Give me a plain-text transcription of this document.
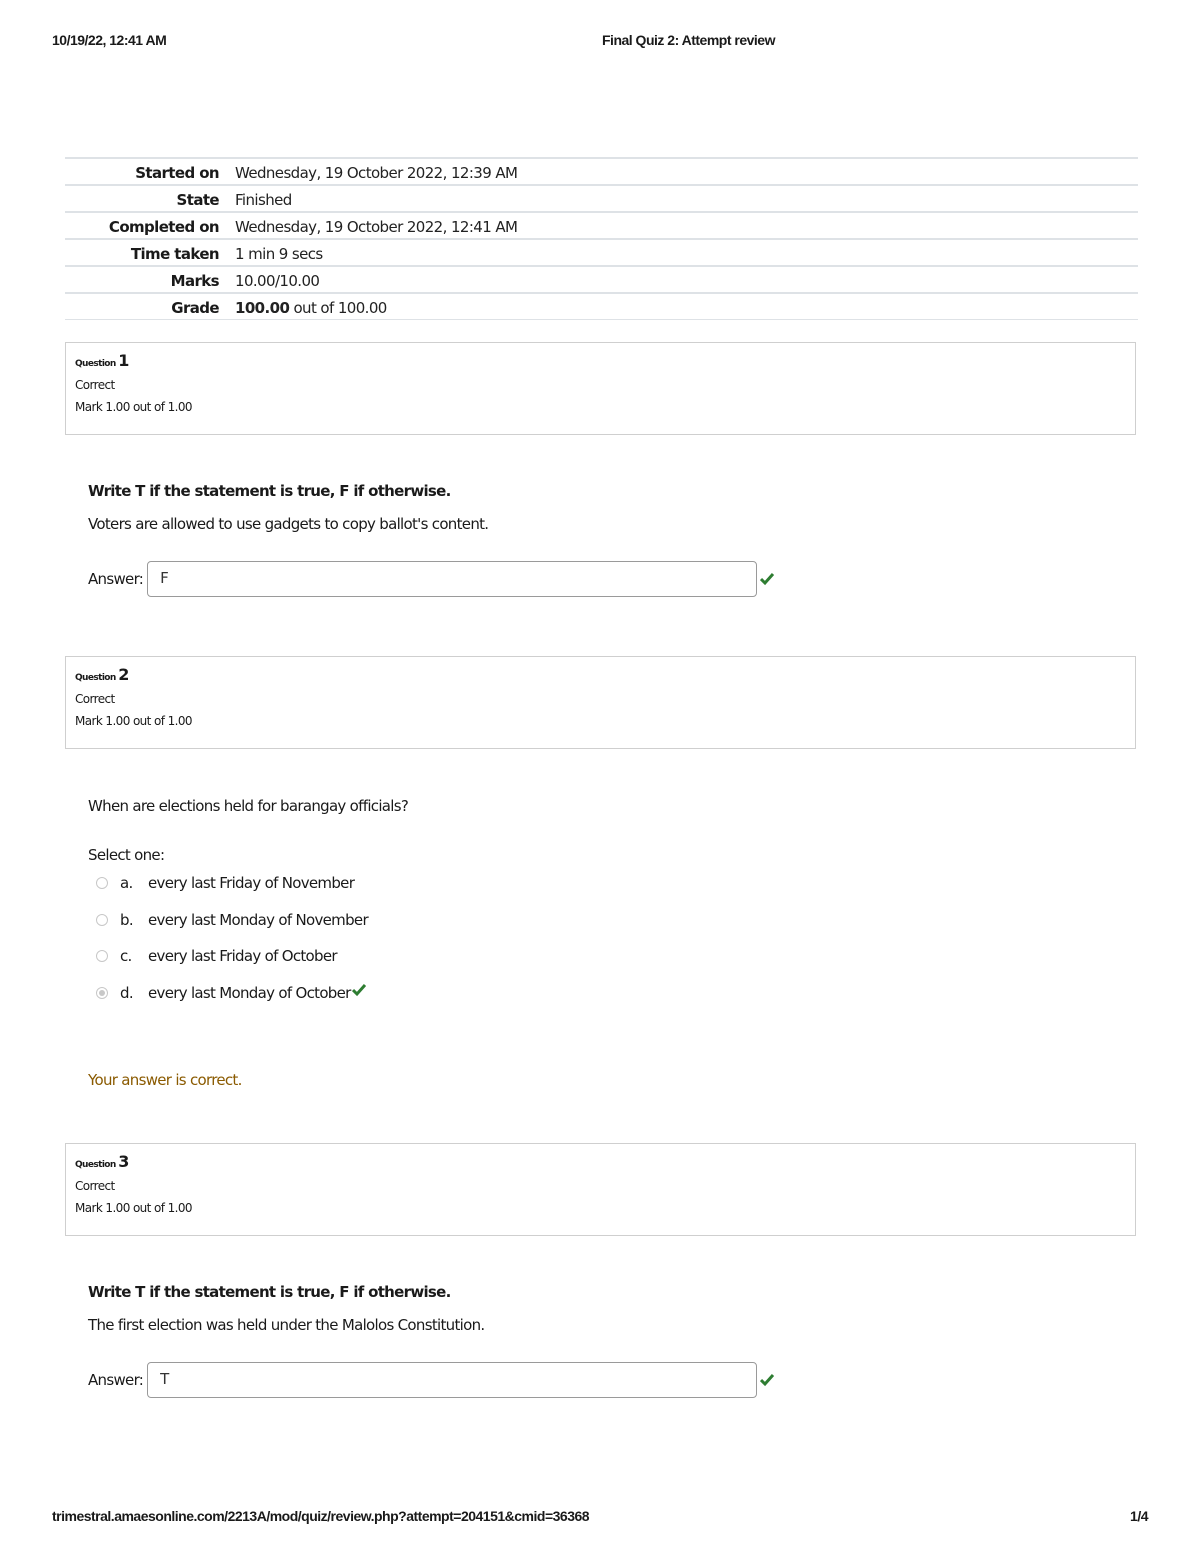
10/19/22, 12:41 AM	Final Quiz 2: Attempt review
Started on	Wednesday, 19 October 2022, 12:39 AM
State	Finished
Completed on	Wednesday, 19 October 2022, 12:41 AM
Time taken	1 min 9 secs
Marks	10.00/10.00
Grade	100.00 out of 100.00
Question 1
Correct
Mark 1.00 out of 1.00
Write T if the statement is true, F if otherwise.
Voters are allowed to use gadgets to copy ballot's content.
Answer:	F
Question 2
Correct
Mark 1.00 out of 1.00
When are elections held for barangay officials?
Select one:
a.	every last Friday of November
b.	every last Monday of November
c.	every last Friday of October
d.	every last Monday of October
Your answer is correct.
Question 3
Correct
Mark 1.00 out of 1.00
Write T if the statement is true, F if otherwise.
The first election was held under the Malolos Constitution.
Answer:	T
trimestral.amaesonline.com/2213A/mod/quiz/review.php?attempt=204151&cmid=36368	1/4
